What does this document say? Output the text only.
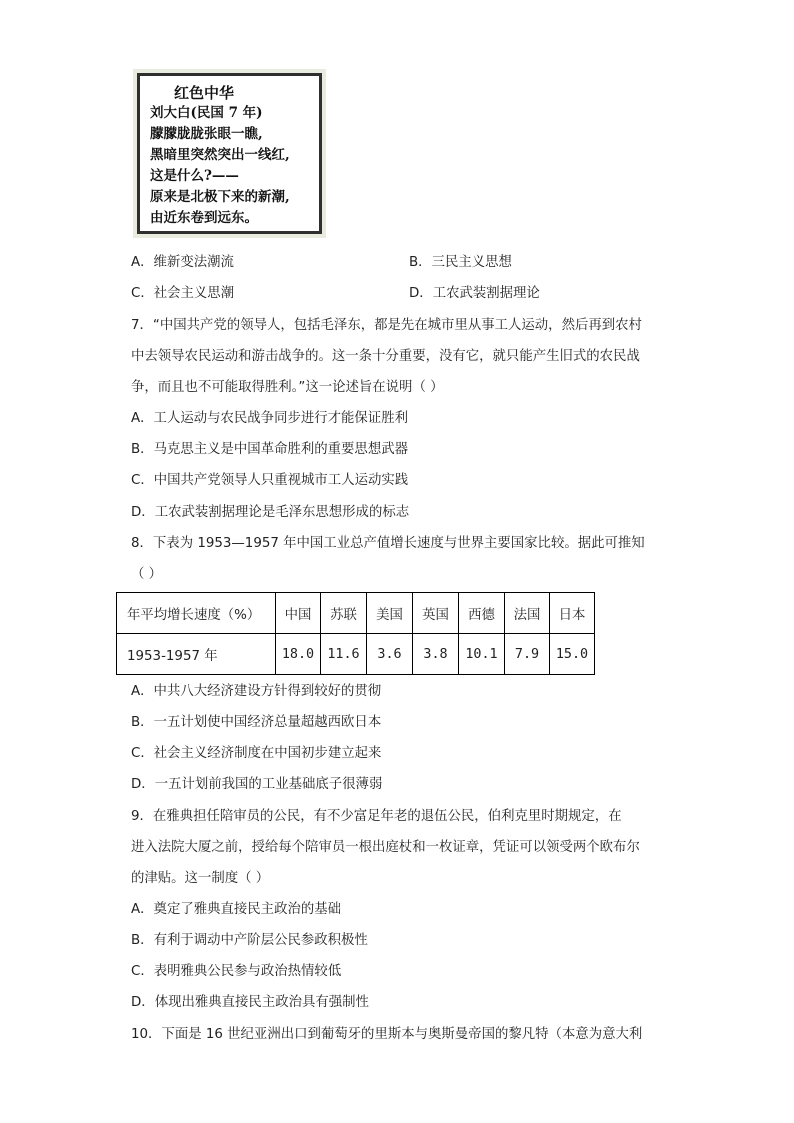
红色中华
刘大白(民国 7 年)
朦朦胧胧张眼一瞧,
黑暗里突然突出一线红,
这是什么?——
原来是北极下来的新潮,
由近东卷到远东。
A．维新变法潮流	B．三民主义思想
C．社会主义思潮	D．工农武装割据理论
7．“中国共产党的领导人，包括毛泽东，都是先在城市里从事工人运动，然后再到农村
中去领导农民运动和游击战争的。这一条十分重要，没有它，就只能产生旧式的农民战
争，而且也不可能取得胜利。”这一论述旨在说明（ ）
A．工人运动与农民战争同步进行才能保证胜利
B．马克思主义是中国革命胜利的重要思想武器
C．中国共产党领导人只重视城市工人运动实践
D．工农武装割据理论是毛泽东思想形成的标志
8．下表为 1953—1957 年中国工业总产值增长速度与世界主要国家比较。据此可推知
（ ）
年平均增长速度（%）	中国	苏联	美国	英国	西德	法国	日本
1953-1957 年	18.0	11.6	3.6	3.8	10.1	7.9	15.0
A．中共八大经济建设方针得到较好的贯彻
B．一五计划使中国经济总量超越西欧日本
C．社会主义经济制度在中国初步建立起来
D．一五计划前我国的工业基础底子很薄弱
9．在雅典担任陪审员的公民，有不少富足年老的退伍公民，伯利克里时期规定，在
进入法院大厦之前，授给每个陪审员一根出庭杖和一枚证章，凭证可以领受两个欧布尔
的津贴。这一制度（ ）
A．奠定了雅典直接民主政治的基础
B．有利于调动中产阶层公民参政积极性
C．表明雅典公民参与政治热情较低
D．体现出雅典直接民主政治具有强制性
10．下面是 16 世纪亚洲出口到葡萄牙的里斯本与奥斯曼帝国的黎凡特（本意为意大利
